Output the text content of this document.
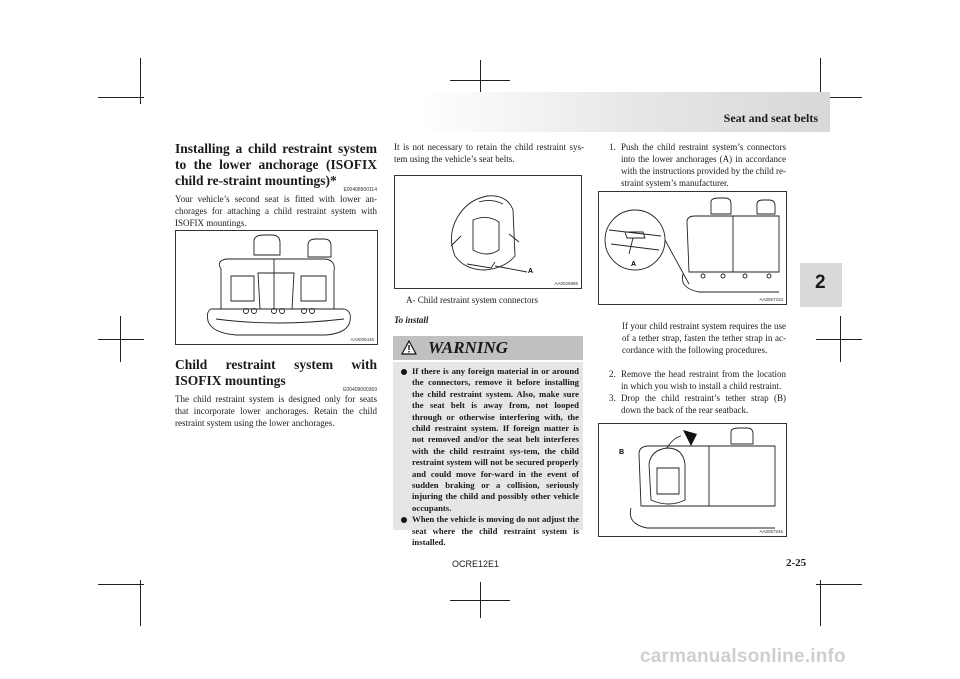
Seat and seat belts
2
Installing a child restraint system to the lower anchorage (ISOFIX child re-straint mountings)*
E00408900114
Your vehicle’s second seat is fitted with lower an-chorages for attaching a child restraint system with ISOFIX mountings.
AA0005446
Child restraint system with ISOFIX mountings
E00409000369
The child restraint system is designed only for seats that incorporate lower anchorages. Retain the child restraint system using the lower anchorages.
It is not necessary to retain the child restraint sys-tem using the vehicle’s seat belts.
A
AA0025995
A- Child restraint system connectors
To install
WARNING
If there is any foreign material in or around the connectors, remove it before installing the child restraint system. Also, make sure the seat belt is away from, not looped through or otherwise interfering with, the child restraint system. If foreign matter is not removed and/or the seat belt interferes with the child restraint sys-tem, the child restraint system will not be secured properly and could move for-ward in the event of sudden braking or a collision, seriously injuring the child and possibly other vehicle occupants.
When the vehicle is moving do not adjust the seat where the child restraint system is installed.
1. Push the child restraint system’s connectors into the lower anchorages (A) in accordance with the instructions provided by the child re-straint system’s manufacturer.
A
AA0057233
If your child restraint system requires the use of a tether strap, fasten the tether strap in ac-cordance with the following procedures.
2. Remove the head restraint from the location in which you wish to install a child restraint.
3. Drop the child restraint’s tether strap (B) down the back of the rear seatback.
B
AA0057246
OCRE12E1	2-25
carmanualsonline.info
